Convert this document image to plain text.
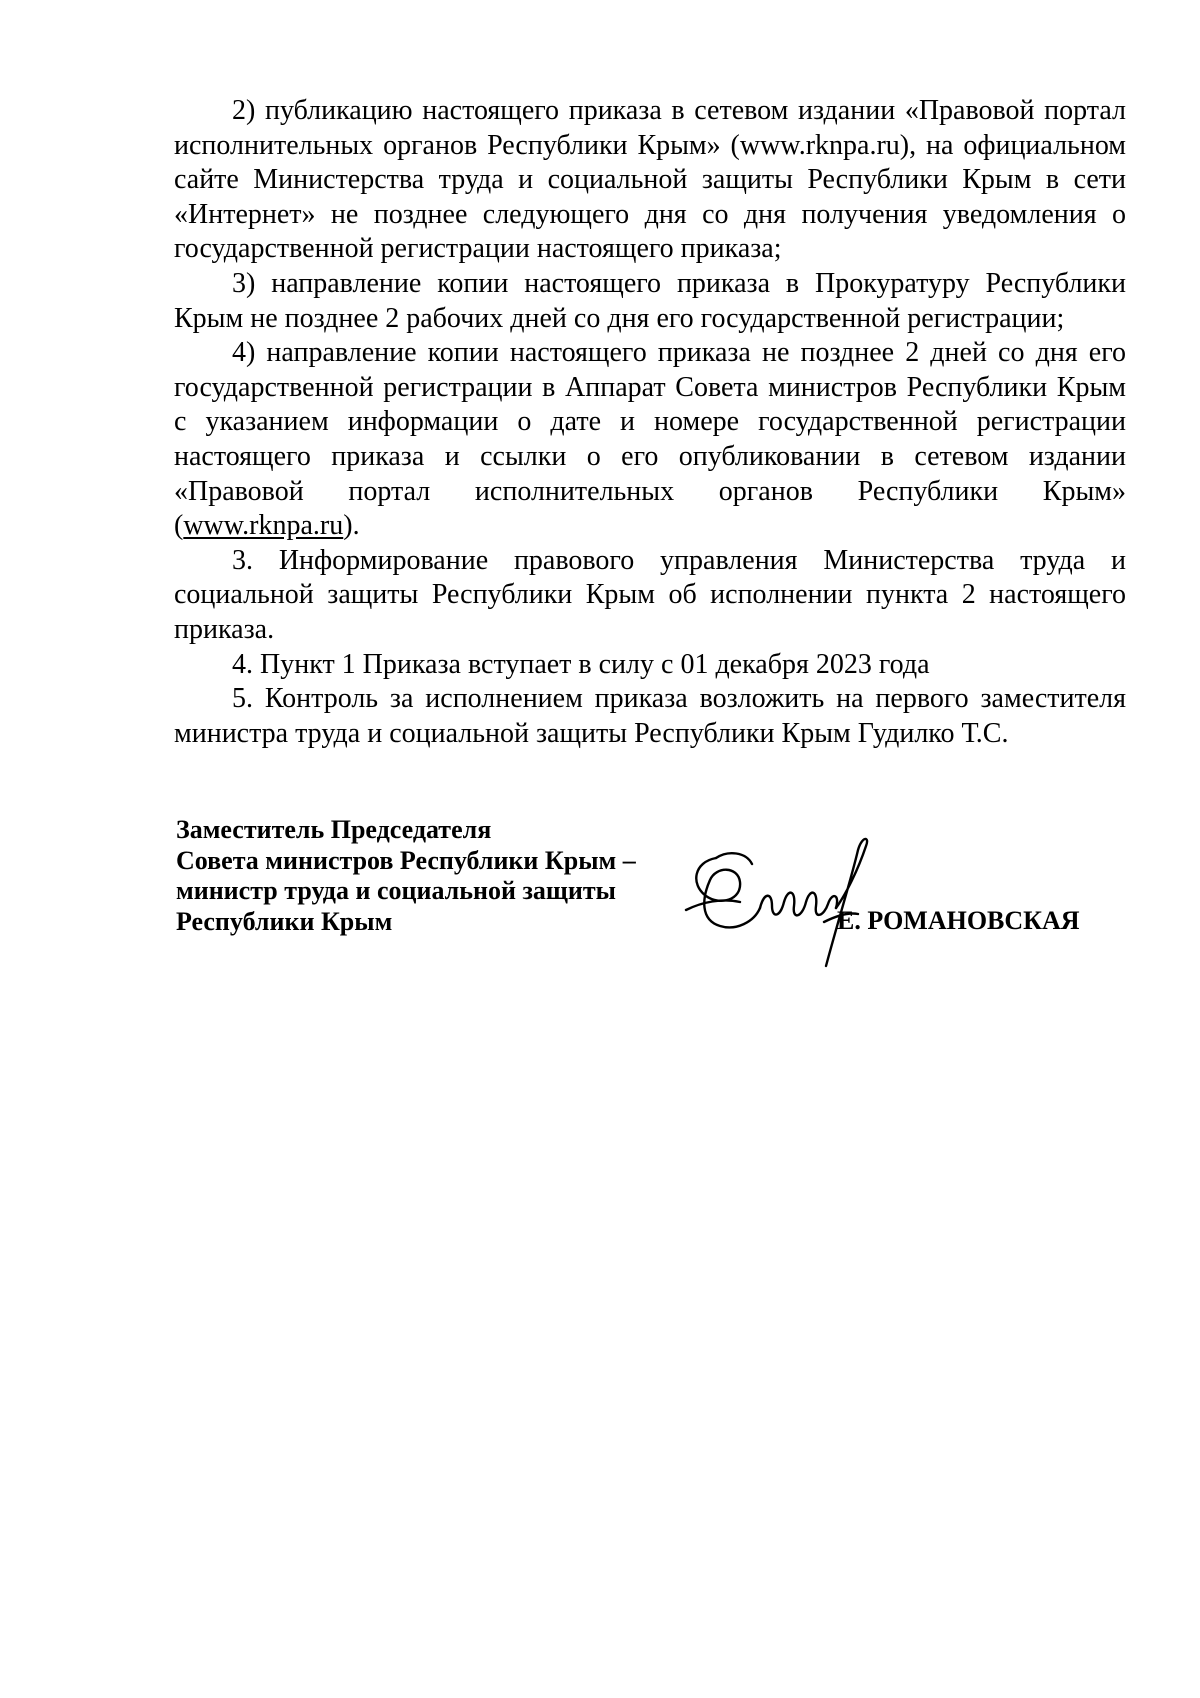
2) публикацию настоящего приказа в сетевом издании «Правовой портал исполнительных органов Республики Крым» (www.rknpa.ru), на официальном сайте Министерства труда и социальной защиты Республики Крым в сети «Интернет» не позднее следующего дня со дня получения уведомления о государственной регистрации настоящего приказа;

3) направление копии настоящего приказа в Прокуратуру Республики Крым не позднее 2 рабочих дней со дня его государственной регистрации;

4) направление копии настоящего приказа не позднее 2 дней со дня его государственной регистрации в Аппарат Совета министров Республики Крым с указанием информации о дате и номере государственной регистрации настоящего приказа и ссылки о его опубликовании в сетевом издании «Правовой портал исполнительных органов Республики Крым» (www.rknpa.ru).

3. Информирование правового управления Министерства труда и социальной защиты Республики Крым об исполнении пункта 2 настоящего приказа.

4. Пункт 1 Приказа вступает в силу с 01 декабря 2023 года

5. Контроль за исполнением приказа возложить на первого заместителя министра труда и социальной защиты Республики Крым Гудилко Т.С.

Заместитель Председателя
Совета министров Республики Крым –
министр труда и социальной защиты
Республики Крым	Е. РОМАНОВСКАЯ
